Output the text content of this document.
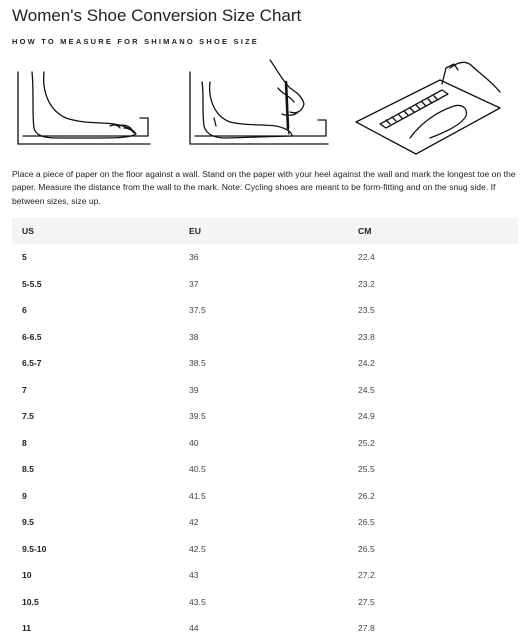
Women's Shoe Conversion Size Chart
HOW TO MEASURE FOR SHIMANO SHOE SIZE
Place a piece of paper on the floor against a wall. Stand on the paper with your heel against the wall and mark the longest toe on the paper. Measure the distance from the wall to the mark. Note: Cycling shoes are meant to be form-fitting and on the snug side. If between sizes, size up.
US	EU	CM
5	36	22.4
5-5.5	37	23.2
6	37.5	23.5
6-6.5	38	23.8
6.5-7	38.5	24.2
7	39	24.5
7.5	39.5	24.9
8	40	25.2
8.5	40.5	25.5
9	41.5	26.2
9.5	42	26.5
9.5-10	42.5	26.5
10	43	27.2
10.5	43.5	27.5
11	44	27.8
